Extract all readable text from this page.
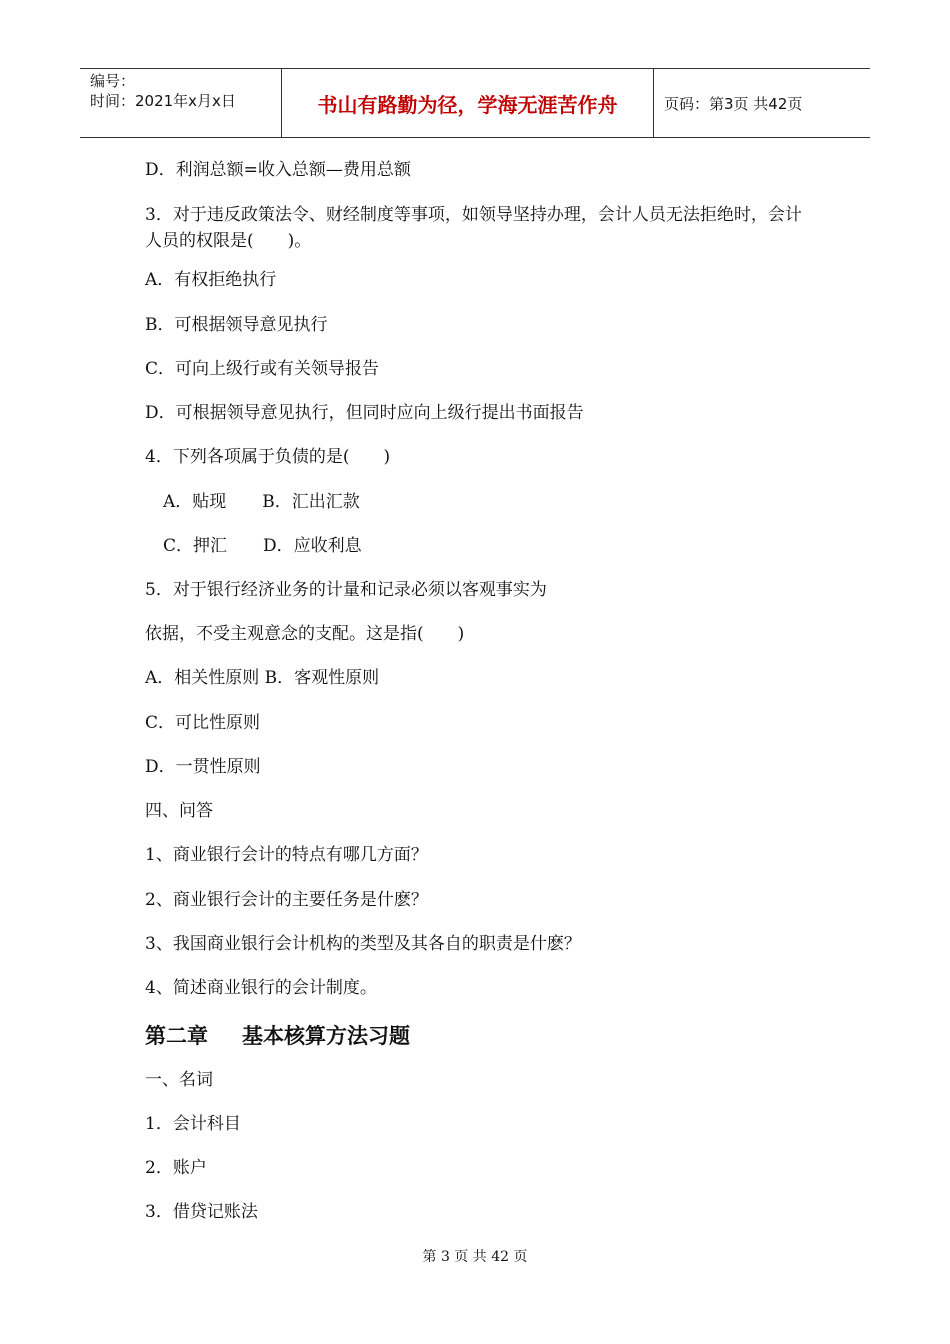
编号：
时间：2021年x月x日	书山有路勤为径，学海无涯苦作舟	页码：第3页 共42页
D．利润总额=收入总额—费用总额
3．对于违反政策法令、财经制度等事项，如领导坚持办理，会计人员无法拒绝时，会计人员的权限是(　　)。
A．有权拒绝执行
B．可根据领导意见执行
C．可向上级行或有关领导报告
D．可根据领导意见执行，但同时应向上级行提出书面报告
4．下列各项属于负债的是(　　)
A．贴现 B．汇出汇款
C．押汇 D．应收利息
5．对于银行经济业务的计量和记录必须以客观事实为
依据，不受主观意念的支配。这是指(　　)
A．相关性原则 B．客观性原则
C．可比性原则
D．一贯性原则
四、问答
1、商业银行会计的特点有哪几方面？
2、商业银行会计的主要任务是什麽？
3、我国商业银行会计机构的类型及其各自的职责是什麽？
4、简述商业银行的会计制度。
第二章 基本核算方法习题
一、名词
1．会计科目
2．账户
3．借贷记账法
第 3 页 共 42 页
